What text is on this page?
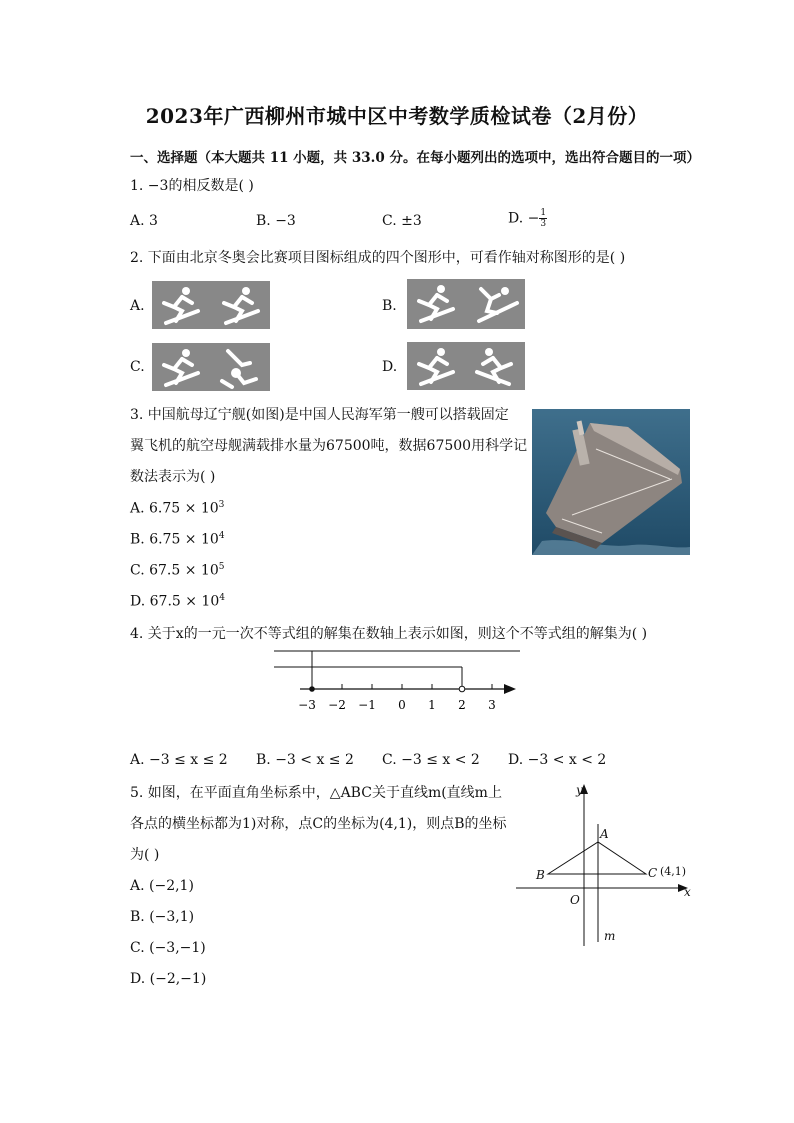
2023年广西柳州市城中区中考数学质检试卷（2月份）
一、选择题（本大题共 11 小题，共 33.0 分。在每小题列出的选项中，选出符合题目的一项）
1. −3的相反数是( )
A. 3	B. −3	C. ±3	D. − $\frac{1}{3}$
2. 下面由北京冬奥会比赛项目图标组成的四个图形中，可看作轴对称图形的是( )
A.	B.
C.	D.
3. 中国航母辽宁舰(如图)是中国人民海军第一艘可以搭载固定
翼飞机的航空母舰满载排水量为67500吨，数据67500用科学记
数法表示为( )
A. $6.75 \times 10^3$
B. $6.75 \times 10^4$
C. $67.5 \times 10^5$
D. $67.5 \times 10^4$
4. 关于x的一元一次不等式组的解集在数轴上表示如图，则这个不等式组的解集为( )
−3 −2 −1 0 1 2 3
A. −3 ≤ x ≤ 2 B. −3 < x ≤ 2 C. −3 ≤ x < 2 D. −3 < x < 2
5. 如图，在平面直角坐标系中，△ABC关于直线m(直线m上
各点的横坐标都为1)对称，点C的坐标为(4,1)，则点B的坐标
为( )
A. (−2,1)
B. (−3,1)
C. (−3,−1)
D. (−2,−1)
y
x
A
B	C (4,1)
O
m
